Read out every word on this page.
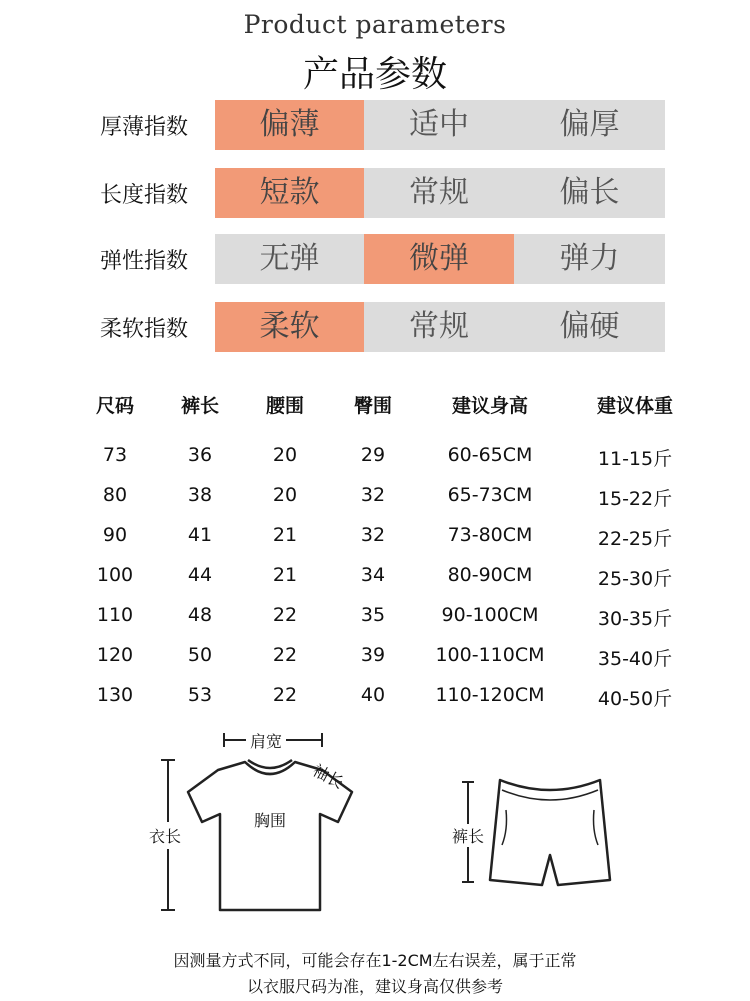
Product parameters
产品参数
厚薄指数	偏薄	适中	偏厚
长度指数	短款	常规	偏长
弹性指数	无弹	微弹	弹力
柔软指数	柔软	常规	偏硬
尺码	裤长	腰围	臀围	建议身高	建议体重
73	36	20	29	60-65CM	11-15斤
80	38	20	32	65-73CM	15-22斤
90	41	21	32	73-80CM	22-25斤
100	44	21	34	80-90CM	25-30斤
110	48	22	35	90-100CM	30-35斤
120	50	22	39	100-110CM	35-40斤
130	53	22	40	110-120CM	40-50斤
肩宽
袖长
胸围
衣长	裤长
因测量方式不同，可能会存在1-2CM左右误差，属于正常
以衣服尺码为准，建议身高仅供参考
